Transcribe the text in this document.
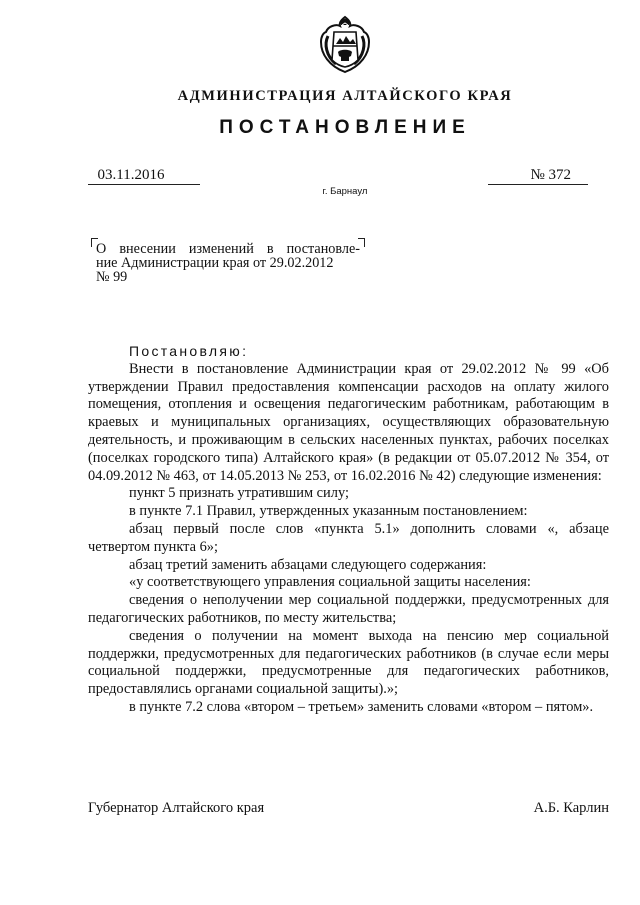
АДМИНИСТРАЦИЯ АЛТАЙСКОГО КРАЯ
ПОСТАНОВЛЕНИЕ
03.11.2016
г. Барнаул
№ 372
О внесении изменений в постановле-
ние Администрации края от 29.02.2012
№ 99

Постановляю:

Внести в постановление Администрации края от 29.02.2012 № 99 «Об утверждении Правил предоставления компенсации расходов на оплату жилого помещения, отопления и освещения педагогическим работникам, работающим в краевых и муниципальных организациях, осуществляющих образовательную деятельность, и проживающим в сельских населенных пунктах, рабочих поселках (поселках городского типа) Алтайского края» (в редакции от 05.07.2012 № 354, от 04.09.2012 № 463, от 14.05.2013 № 253, от 16.02.2016 № 42) следующие изменения:

пункт 5 признать утратившим силу;

в пункте 7.1 Правил, утвержденных указанным постановлением:

абзац первый после слов «пункта 5.1» дополнить словами «, абзаце четвертом пункта 6»;

абзац третий заменить абзацами следующего содержания:

«у соответствующего управления социальной защиты населения:

сведения о неполучении мер социальной поддержки, предусмотренных для педагогических работников, по месту жительства;

сведения о получении на момент выхода на пенсию мер социальной поддержки, предусмотренных для педагогических работников (в случае если меры социальной поддержки, предусмотренные для педагогических работников, предоставлялись органами социальной защиты).»;

в пункте 7.2 слова «втором – третьем» заменить словами «втором – пятом».

Губернатор Алтайского края	А.Б. Карлин
